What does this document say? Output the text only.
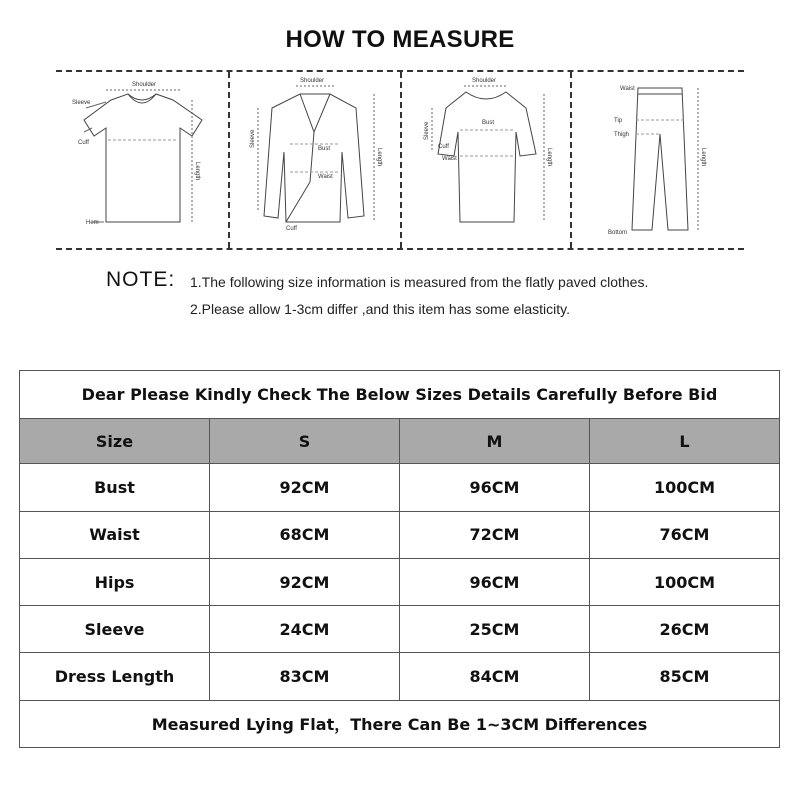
HOW TO MEASURE
Shoulder
Sleeve
Cuff
Length
Hem
Shoulder
Sleeve
Bust
Waist
Length
Cuff
Shoulder
Sleeve	Bust
Cuff
Waist	Length
Waist
Tip
Thigh
Length
Bottom
NOTE: 1.The following size information is measured from the flatly paved clothes.
2.Please allow 1-3cm differ ,and this item has some elasticity.
Dear Please Kindly Check The Below Sizes Details Carefully Before Bid			
Size	S	M	L
Bust	92CM	96CM	100CM
Waist	68CM	72CM	76CM
Hips	92CM	96CM	100CM
Sleeve	24CM	25CM	26CM
Dress Length	83CM	84CM	85CM
Measured Lying Flat，There Can Be 1~3CM Differences			
